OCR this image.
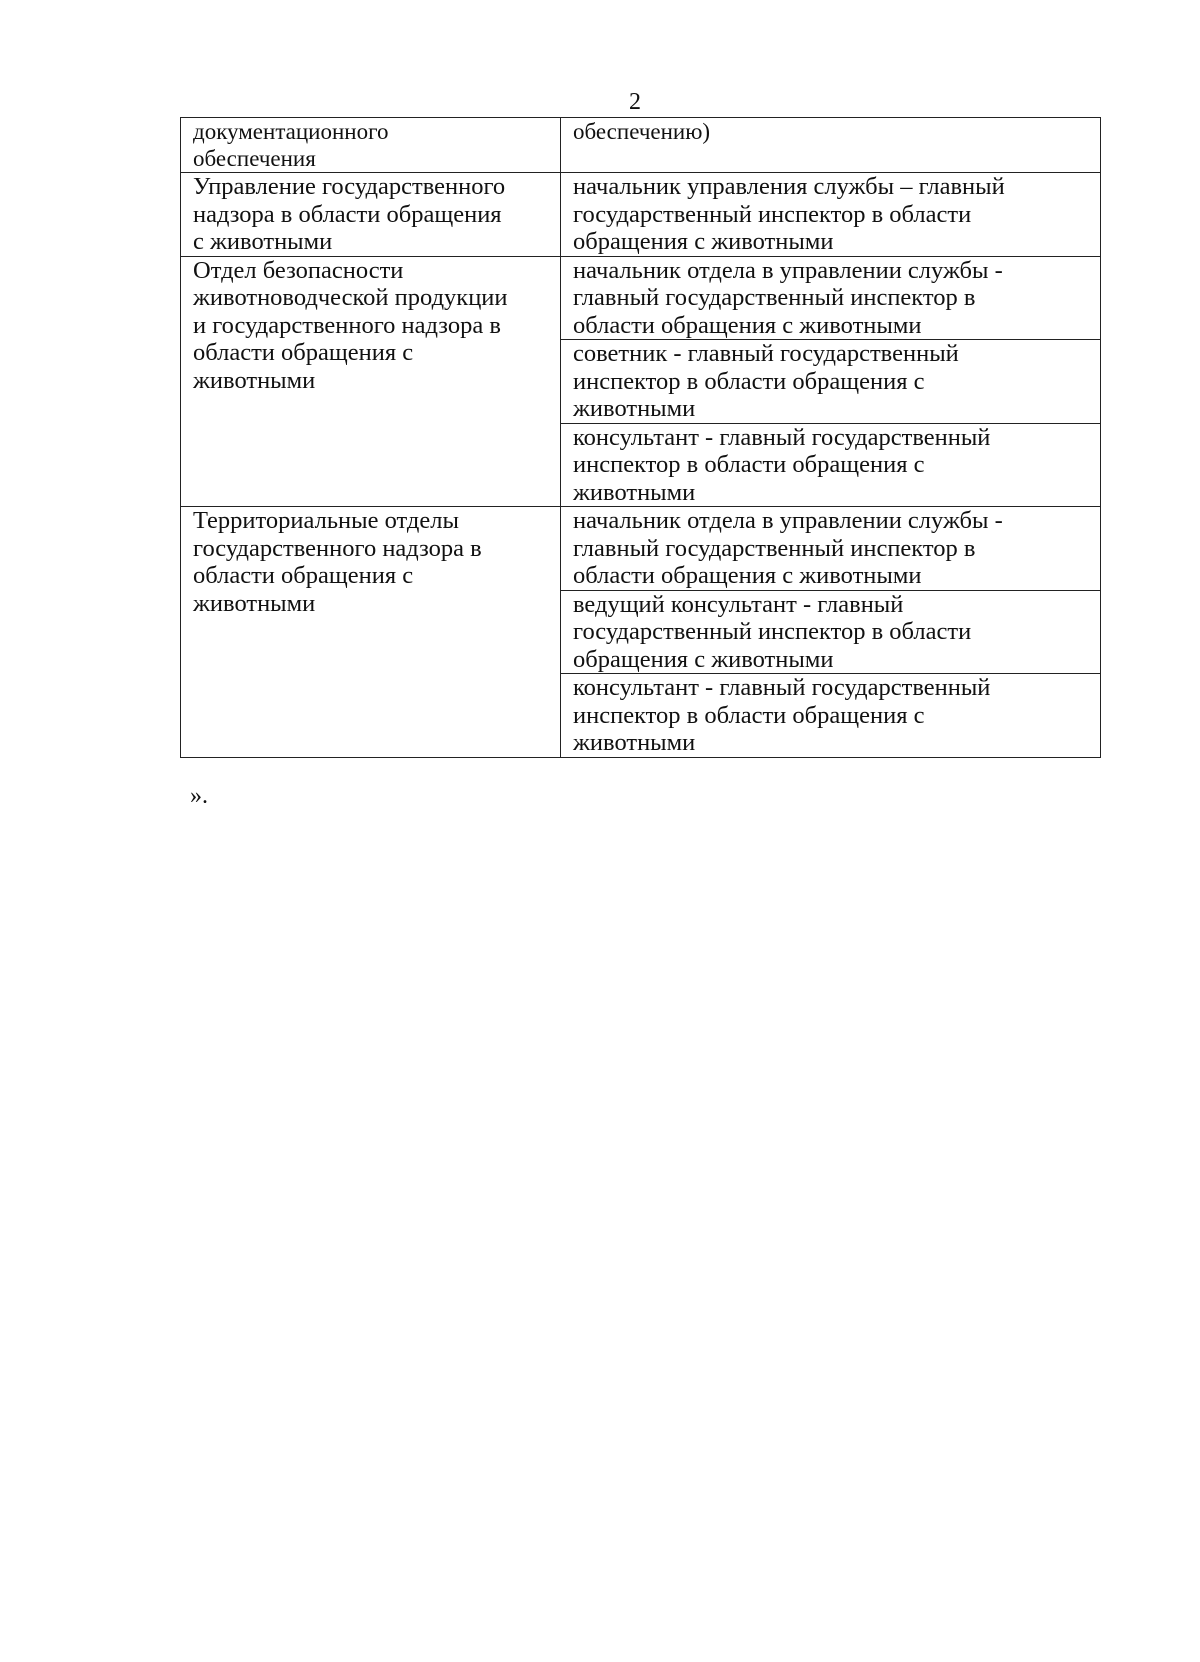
2
документационного
обеспечения	обеспечению)

Управление государственного
надзора в области обращения
с животными	начальник управления службы – главный
государственный инспектор в области
обращения с животными

Отдел безопасности
животноводческой продукции
и государственного надзора в
области обращения с
животными	начальник отдела в управлении службы -
главный государственный инспектор в
области обращения с животными

	советник - главный государственный
инспектор в области обращения с
животными

	консультант - главный государственный
инспектор в области обращения с
животными

Территориальные отделы
государственного надзора в
области обращения с
животными	начальник отдела в управлении службы -
главный государственный инспектор в
области обращения с животными

	ведущий консультант - главный
государственный инспектор в области
обращения с животными

	консультант - главный государственный
инспектор в области обращения с
животными
».
